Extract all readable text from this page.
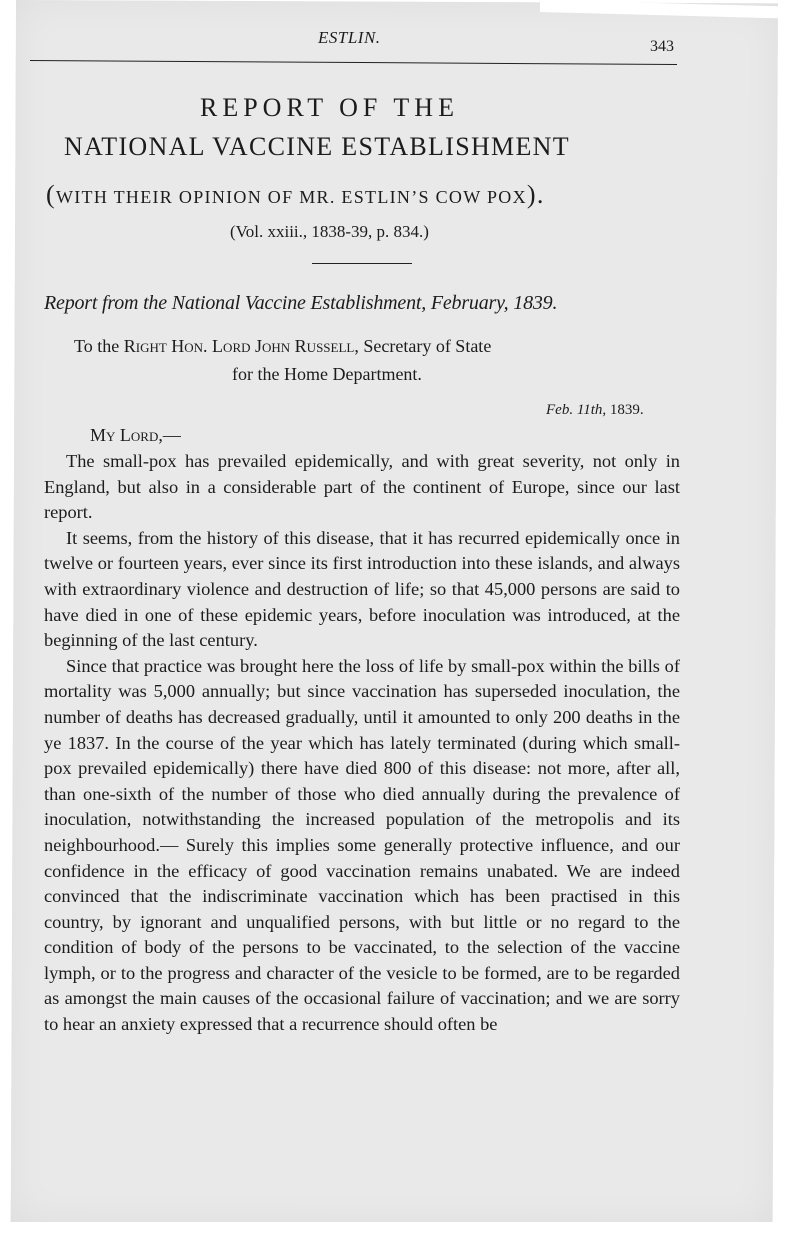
ESTLIN.	343
REPORT OF THE
NATIONAL VACCINE ESTABLISHMENT
(WITH THEIR OPINION OF MR. ESTLIN’S COW POX).
(Vol. xxiii., 1838-39, p. 834.)
Report from the National Vaccine Establishment, February, 1839.
To the Right Hon. Lord John Russell, Secretary of State
for the Home Department.
Feb. 11th, 1839.
My Lord,—

The small-pox has prevailed epidemically, and with great severity, not only in England, but also in a considerable part of the continent of Europe, since our last report.

It seems, from the history of this disease, that it has recurred epidemically once in twelve or fourteen years, ever since its first introduction into these islands, and always with extraordinary violence and destruction of life; so that 45,000 persons are said to have died in one of these epidemic years, before inoculation was introduced, at the beginning of the last century.

Since that practice was brought here the loss of life by small-pox within the bills of mortality was 5,000 annually; but since vaccination has superseded inoculation, the number of deaths has decreased gradually, until it amounted to only 200 deaths in the ye 1837. In the course of the year which has lately terminated (during which small-pox prevailed epidemically) there have died 800 of this disease: not more, after all, than one-sixth of the number of those who died annually during the prevalence of inoculation, notwithstanding the increased population of the metropolis and its neighbourhood.— Surely this implies some generally protective influence, and our confidence in the efficacy of good vaccination remains unabated. We are indeed convinced that the indiscriminate vaccination which has been practised in this country, by ignorant and unqualified persons, with but little or no regard to the condition of body of the persons to be vaccinated, to the selection of the vaccine lymph, or to the progress and character of the vesicle to be formed, are to be regarded as amongst the main causes of the occasional failure of vaccination; and we are sorry to hear an anxiety expressed that a recurrence should often be
